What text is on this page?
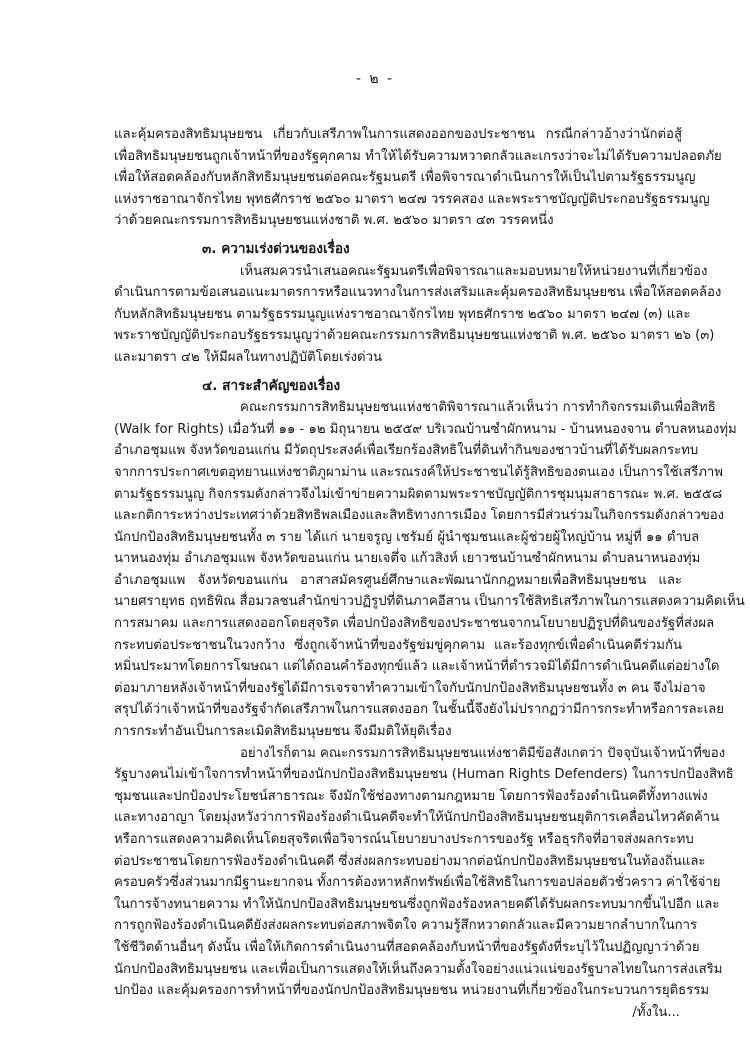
- ๒ -
และคุ้มครองสิทธิมนุษยชน เกี่ยวกับเสรีภาพในการแสดงออกของประชาชน กรณีกล่าวอ้างว่านักต่อสู้
เพื่อสิทธิมนุษยชนถูกเจ้าหน้าที่ของรัฐคุกคาม ทำให้ได้รับความหวาดกลัวและเกรงว่าจะไม่ได้รับความปลอดภัย
เพื่อให้สอดคล้องกับหลักสิทธิมนุษยชนต่อคณะรัฐมนตรี เพื่อพิจารณาดำเนินการให้เป็นไปตามรัฐธรรมนูญ
แห่งราชอาณาจักรไทย พุทธศักราช ๒๕๖๐ มาตรา ๒๔๗ วรรคสอง และพระราชบัญญัติประกอบรัฐธรรมนูญ
ว่าด้วยคณะกรรมการสิทธิมนุษยชนแห่งชาติ พ.ศ. ๒๕๖๐ มาตรา ๔๓ วรรคหนึ่ง
๓. ความเร่งด่วนของเรื่อง
เห็นสมควรนำเสนอคณะรัฐมนตรีเพื่อพิจารณาและมอบหมายให้หน่วยงานที่เกี่ยวข้อง
ดำเนินการตามข้อเสนอแนะมาตรการหรือแนวทางในการส่งเสริมและคุ้มครองสิทธิมนุษยชน เพื่อให้สอดคล้อง
กับหลักสิทธิมนุษยชน ตามรัฐธรรมนูญแห่งราชอาณาจักรไทย พุทธศักราช ๒๕๖๐ มาตรา ๒๔๗ (๓) และ
พระราชบัญญัติประกอบรัฐธรรมนูญว่าด้วยคณะกรรมการสิทธิมนุษยชนแห่งชาติ พ.ศ. ๒๕๖๐ มาตรา ๒๖ (๓)
และมาตรา ๔๒ ให้มีผลในทางปฏิบัติโดยเร่งด่วน
๔. สาระสำคัญของเรื่อง
คณะกรรมการสิทธิมนุษยชนแห่งชาติพิจารณาแล้วเห็นว่า การทำกิจกรรมเดินเพื่อสิทธิ
(Walk for Rights) เมื่อวันที่ ๑๑ - ๑๒ มิถุนายน ๒๕๕๙ บริเวณบ้านซำผักหนาม - บ้านหนองจาน ตำบลหนองทุ่ม
อำเภอชุมแพ จังหวัดขอนแก่น มีวัตถุประสงค์เพื่อเรียกร้องสิทธิในที่ดินทำกินของชาวบ้านที่ได้รับผลกระทบ
จากการประกาศเขตอุทยานแห่งชาติภูผาม่าน และรณรงค์ให้ประชาชนได้รู้สิทธิของตนเอง เป็นการใช้เสรีภาพ
ตามรัฐธรรมนูญ กิจกรรมดังกล่าวจึงไม่เข้าข่ายความผิดตามพระราชบัญญัติการชุมนุมสาธารณะ พ.ศ. ๒๕๕๘
และกติการะหว่างประเทศว่าด้วยสิทธิพลเมืองและสิทธิทางการเมือง โดยการมีส่วนร่วมในกิจกรรมดังกล่าวของ
นักปกป้องสิทธิมนุษยชนทั้ง ๓ ราย ได้แก่ นายจรูญ เชรัมย์ ผู้นำชุมชนและผู้ช่วยผู้ใหญ่บ้าน หมู่ที่ ๑๑ ตำบล
นาหนองทุ่ม อำเภอชุมแพ จังหวัดขอนแก่น นายเจตึ่จ แก้วสิงห์ เยาวชนบ้านซำผักหนาม ตำบลนาหนองทุ่ม
อำเภอชุมแพ จังหวัดขอนแก่น อาสาสมัครศูนย์ศึกษาและพัฒนานักกฎหมายเพื่อสิทธิมนุษยชน และ
นายศรายุทธ ฤทธิพิณ สื่อมวลชนสำนักข่าวปฏิรูปที่ดินภาคอีสาน เป็นการใช้สิทธิเสรีภาพในการแสดงความคิดเห็น
การสมาคม และการแสดงออกโดยสุจริต เพื่อปกป้องสิทธิของประชาชนจากนโยบายปฏิรูปที่ดินของรัฐที่ส่งผล
กระทบต่อประชาชนในวงกว้าง ซึ่งถูกเจ้าหน้าที่ของรัฐข่มขู่คุกคาม และร้องทุกข์เพื่อดำเนินคดีร่วมกัน
หมิ่นประมาทโดยการโฆษณา แต่ได้ถอนคำร้องทุกข์แล้ว และเจ้าหน้าที่ตำรวจมิได้มีการดำเนินคดีแต่อย่างใด
ต่อมาภายหลังเจ้าหน้าที่ของรัฐได้มีการเจรจาทำความเข้าใจกับนักปกป้องสิทธิมนุษยชนทั้ง ๓ คน จึงไม่อาจ
สรุปได้ว่าเจ้าหน้าที่ของรัฐจำกัดเสรีภาพในการแสดงออก ในชั้นนี้จึงยังไม่ปรากฏว่ามีการกระทำหรือการละเลย
การกระทำอันเป็นการละเมิดสิทธิมนุษยชน จึงมีมติให้ยุติเรื่อง
อย่างไรก็ตาม คณะกรรมการสิทธิมนุษยชนแห่งชาติมีข้อสังเกตว่า ปัจจุบันเจ้าหน้าที่ของ
รัฐบางคนไม่เข้าใจการทำหน้าที่ของนักปกป้องสิทธิมนุษยชน (Human Rights Defenders) ในการปกป้องสิทธิ
ชุมชนและปกป้องประโยชน์สาธารณะ จึงมักใช้ช่องทางตามกฎหมาย โดยการฟ้องร้องดำเนินคดีทั้งทางแพ่ง
และทางอาญา โดยมุ่งหวังว่าการฟ้องร้องดำเนินคดีจะทำให้นักปกป้องสิทธิมนุษยชนยุติการเคลื่อนไหวคัดค้าน
หรือการแสดงความคิดเห็นโดยสุจริตเพื่อวิจารณ์นโยบายบางประการของรัฐ หรือธุรกิจที่อาจส่งผลกระทบ
ต่อประชาชนโดยการฟ้องร้องดำเนินคดี ซึ่งส่งผลกระทบอย่างมากต่อนักปกป้องสิทธิมนุษยชนในท้องถิ่นและ
ครอบครัวซึ่งส่วนมากมีฐานะยากจน ทั้งการต้องหาหลักทรัพย์เพื่อใช้สิทธิในการขอปล่อยตัวชั่วคราว ค่าใช้จ่าย
ในการจ้างทนายความ ทำให้นักปกป้องสิทธิมนุษยชนซึ่งถูกฟ้องร้องหลายคดีได้รับผลกระทบมากขึ้นไปอีก และ
การถูกฟ้องร้องดำเนินคดียังส่งผลกระทบต่อสภาพจิตใจ ความรู้สึกหวาดกลัวและมีความยากลำบากในการ
ใช้ชีวิตด้านอื่นๆ ดังนั้น เพื่อให้เกิดการดำเนินงานที่สอดคล้องกับหน้าที่ของรัฐดังที่ระบุไว้ในปฏิญญาว่าด้วย
นักปกป้องสิทธิมนุษยชน และเพื่อเป็นการแสดงให้เห็นถึงความตั้งใจอย่างแน่วแน่ของรัฐบาลไทยในการส่งเสริม
ปกป้อง และคุ้มครองการทำหน้าที่ของนักปกป้องสิทธิมนุษยชน หน่วยงานที่เกี่ยวข้องในกระบวนการยุติธรรม
/ทั้งใน...
